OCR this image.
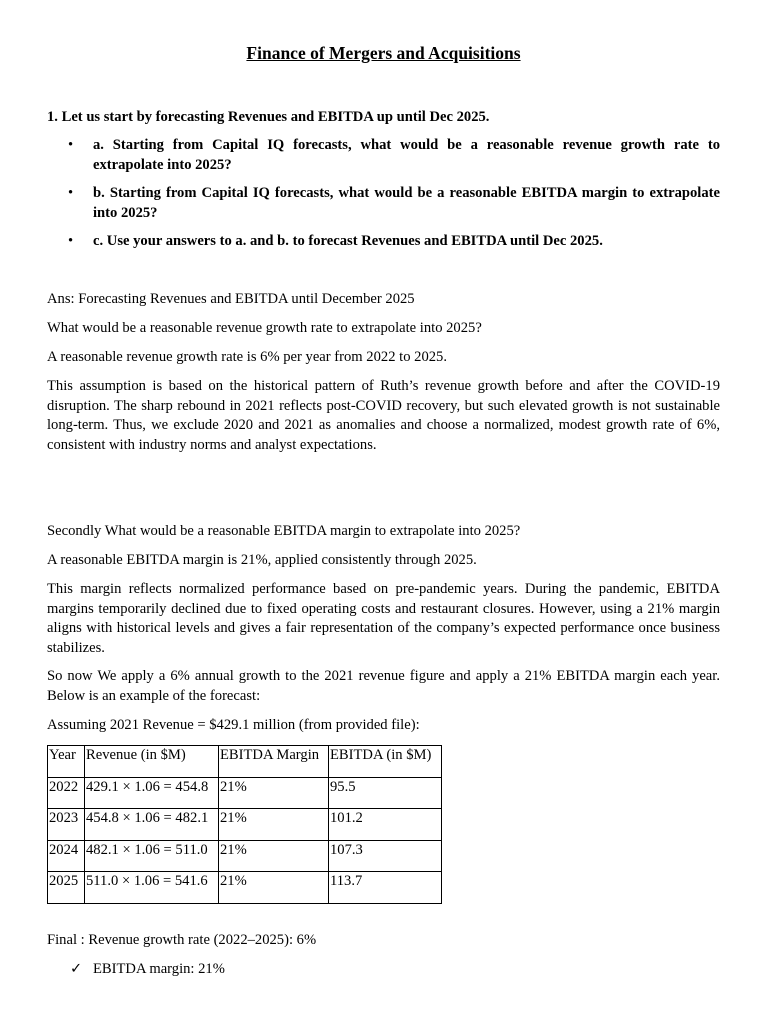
Finance of Mergers and Acquisitions

1. Let us start by forecasting Revenues and EBITDA up until Dec 2025.

• a. Starting from Capital IQ forecasts, what would be a reasonable revenue growth rate to extrapolate into 2025?
• b. Starting from Capital IQ forecasts, what would be a reasonable EBITDA margin to extrapolate into 2025?
• c. Use your answers to a. and b. to forecast Revenues and EBITDA until Dec 2025.

Ans: Forecasting Revenues and EBITDA until December 2025

What would be a reasonable revenue growth rate to extrapolate into 2025?

A reasonable revenue growth rate is 6% per year from 2022 to 2025.

This assumption is based on the historical pattern of Ruth’s revenue growth before and after the COVID-19 disruption. The sharp rebound in 2021 reflects post-COVID recovery, but such elevated growth is not sustainable long-term. Thus, we exclude 2020 and 2021 as anomalies and choose a normalized, modest growth rate of 6%, consistent with industry norms and analyst expectations.

Secondly What would be a reasonable EBITDA margin to extrapolate into 2025?

A reasonable EBITDA margin is 21%, applied consistently through 2025.

This margin reflects normalized performance based on pre-pandemic years. During the pandemic, EBITDA margins temporarily declined due to fixed operating costs and restaurant closures. However, using a 21% margin aligns with historical levels and gives a fair representation of the company’s expected performance once business stabilizes.

So now We apply a 6% annual growth to the 2021 revenue figure and apply a 21% EBITDA margin each year. Below is an example of the forecast:

Assuming 2021 Revenue = $429.1 million (from provided file):

Year	Revenue (in $M)	EBITDA Margin	EBITDA (in $M)
2022	429.1 × 1.06 = 454.8	21%	95.5
2023	454.8 × 1.06 = 482.1	21%	101.2
2024	482.1 × 1.06 = 511.0	21%	107.3
2025	511.0 × 1.06 = 541.6	21%	113.7

Final : Revenue growth rate (2022–2025): 6%

✓ EBITDA margin: 21%
